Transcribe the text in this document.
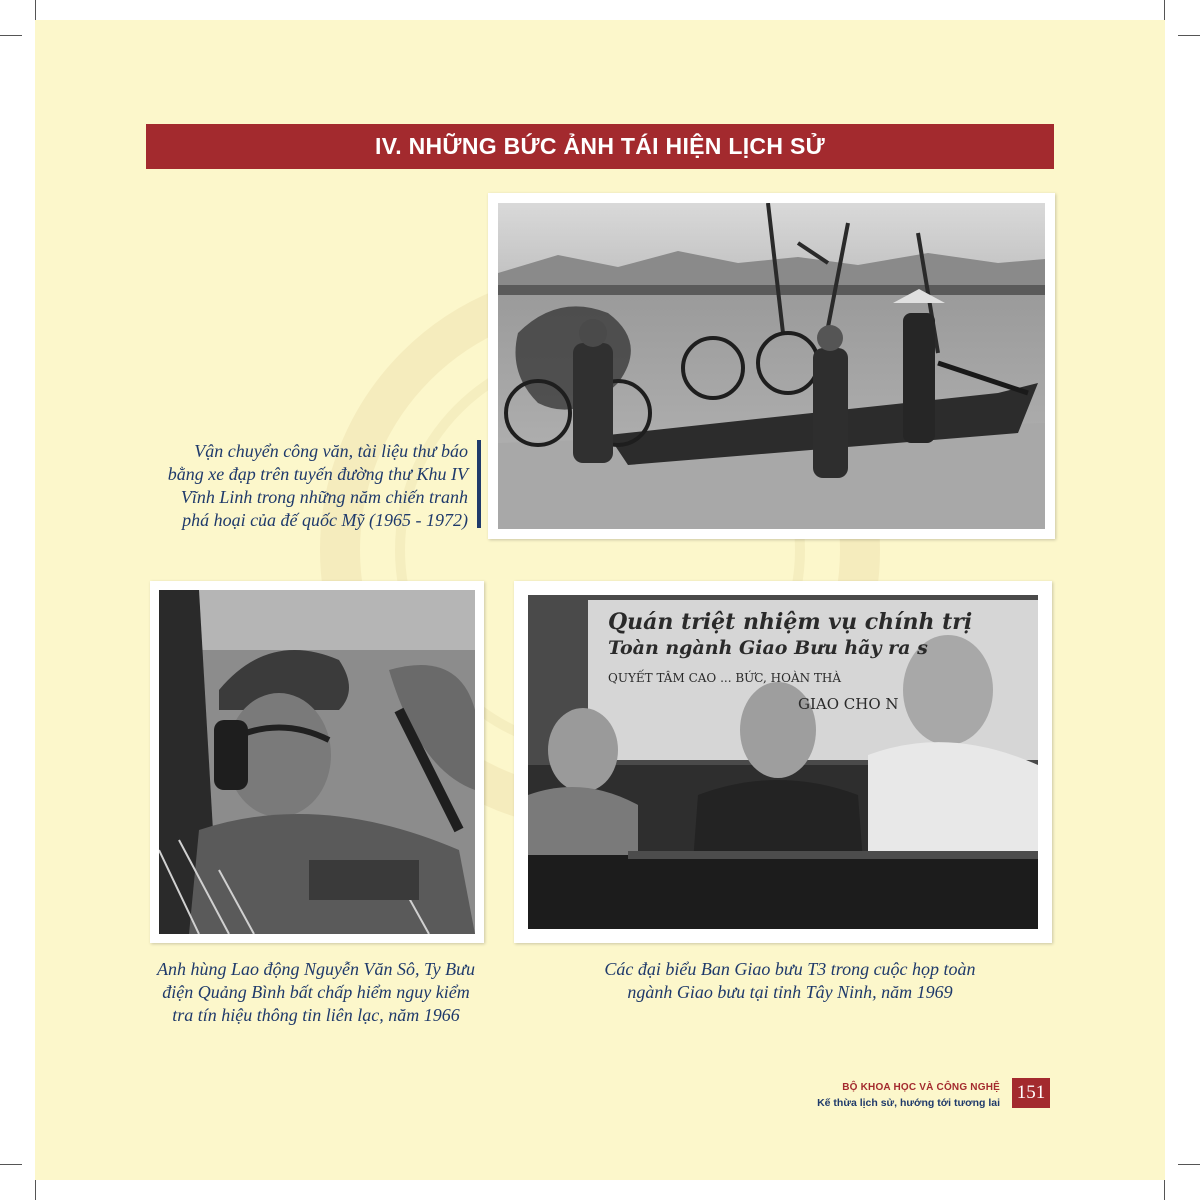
IV. NHỮNG BỨC ẢNH TÁI HIỆN LỊCH SỬ
Vận chuyển công văn, tài liệu thư báo
bằng xe đạp trên tuyến đường thư Khu IV
Vĩnh Linh trong những năm chiến tranh
phá hoại của đế quốc Mỹ (1965 - 1972)
Anh hùng Lao động Nguyễn Văn Sô, Ty Bưu
điện Quảng Bình bất chấp hiểm nguy kiểm
tra tín hiệu thông tin liên lạc, năm 1966
Quán triệt nhiệm vụ chính trị
Toàn ngành Giao Bưu hãy ra s
QUYẾT TÂM CAO ... BỨC, HOÀN THÀ
GIAO CHO N
Các đại biểu Ban Giao bưu T3 trong cuộc họp toàn
ngành Giao bưu tại tỉnh Tây Ninh, năm 1969
BỘ KHOA HỌC VÀ CÔNG NGHỆ
Kế thừa lịch sử, hướng tới tương lai 151
